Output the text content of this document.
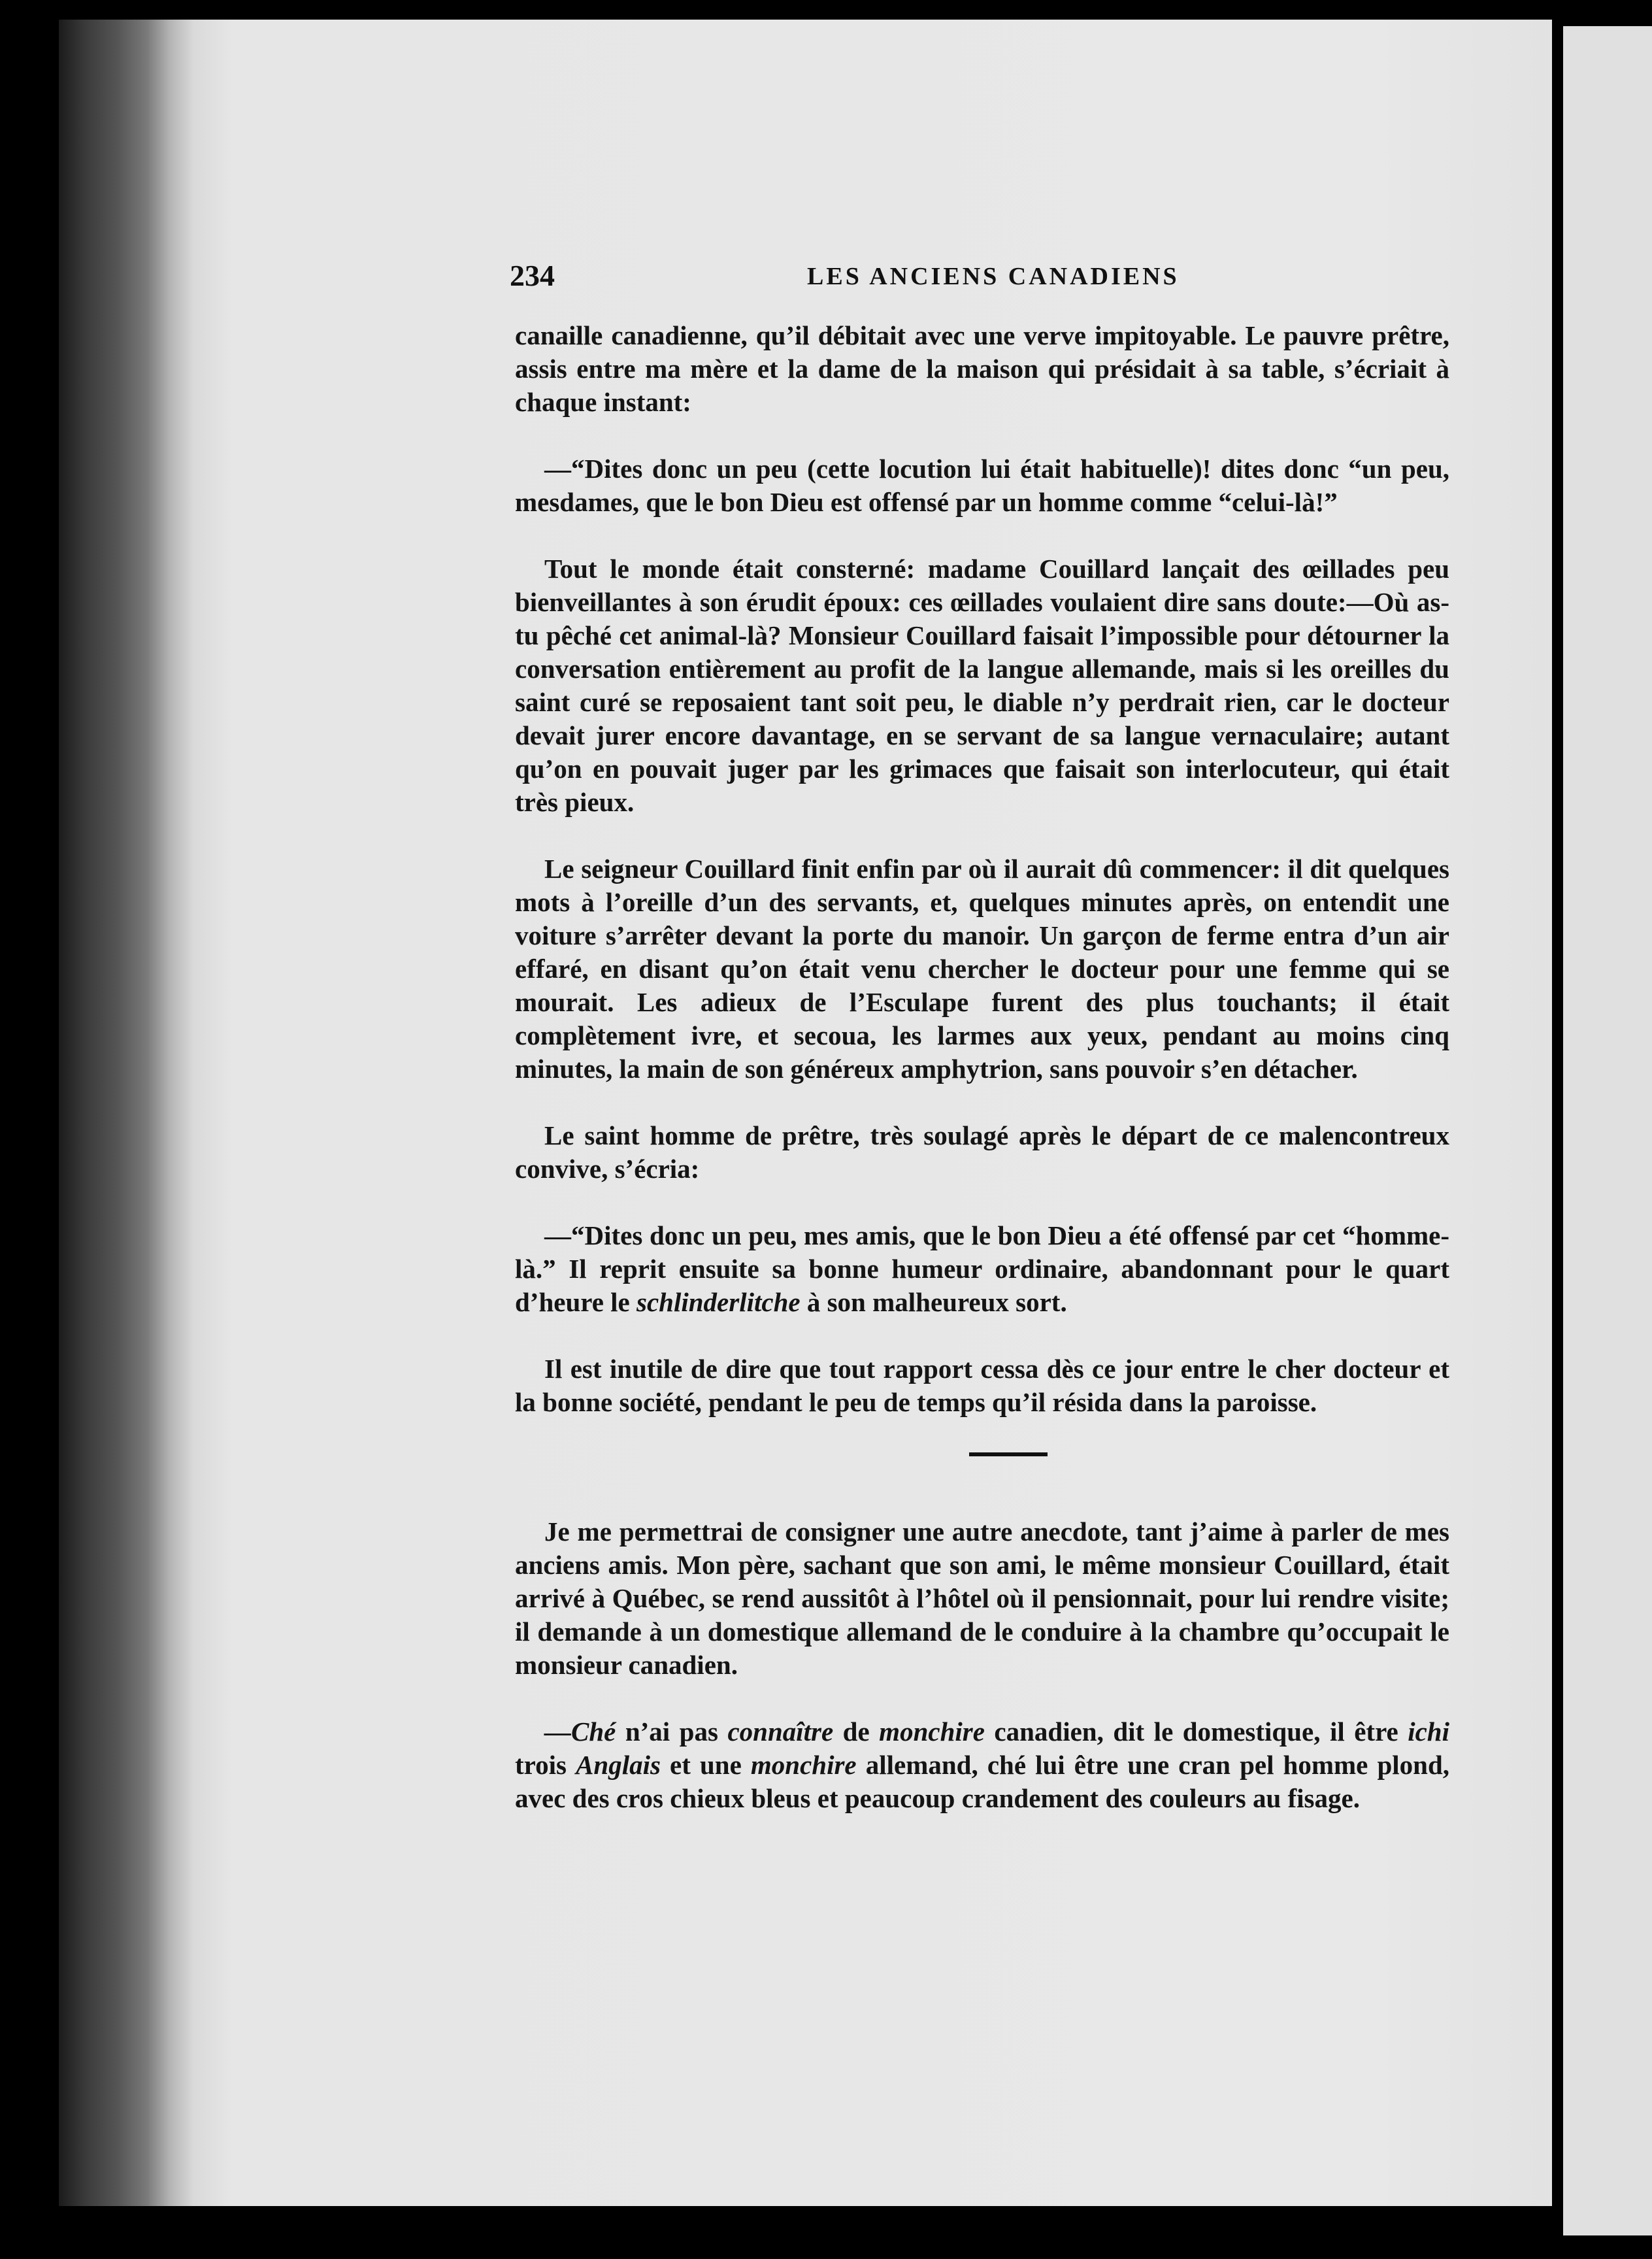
234	LES ANCIENS CANADIENS

canaille canadienne, qu’il débitait avec une verve impitoyable. Le pauvre prêtre, assis entre ma mère et la dame de la maison qui présidait à sa table, s’écriait à chaque instant:

—“Dites donc un peu (cette locution lui était habituelle)! dites donc “un peu, mesdames, que le bon Dieu est offensé par un homme comme “celui-là!”

Tout le monde était consterné: madame Couillard lançait des œillades peu bienveillantes à son érudit époux: ces œillades voulaient dire sans doute:—Où as-tu pêché cet animal-là? Monsieur Couillard faisait l’impossible pour détourner la conversation entièrement au profit de la langue allemande, mais si les oreilles du saint curé se reposaient tant soit peu, le diable n’y perdrait rien, car le docteur devait jurer encore davantage, en se servant de sa langue vernaculaire; autant qu’on en pouvait juger par les grimaces que faisait son interlocuteur, qui était très pieux.

Le seigneur Couillard finit enfin par où il aurait dû commencer: il dit quelques mots à l’oreille d’un des servants, et, quelques minutes après, on entendit une voiture s’arrêter devant la porte du manoir. Un garçon de ferme entra d’un air effaré, en disant qu’on était venu chercher le docteur pour une femme qui se mourait. Les adieux de l’Esculape furent des plus touchants; il était complètement ivre, et secoua, les larmes aux yeux, pendant au moins cinq minutes, la main de son généreux amphytrion, sans pouvoir s’en détacher.

Le saint homme de prêtre, très soulagé après le départ de ce malencontreux convive, s’écria:

—“Dites donc un peu, mes amis, que le bon Dieu a été offensé par cet “homme-là.” Il reprit ensuite sa bonne humeur ordinaire, abandonnant pour le quart d’heure le schlinderlitche à son malheureux sort.

Il est inutile de dire que tout rapport cessa dès ce jour entre le cher docteur et la bonne société, pendant le peu de temps qu’il résida dans la paroisse.

Je me permettrai de consigner une autre anecdote, tant j’aime à parler de mes anciens amis. Mon père, sachant que son ami, le même monsieur Couillard, était arrivé à Québec, se rend aussitôt à l’hôtel où il pensionnait, pour lui rendre visite; il demande à un domestique allemand de le conduire à la chambre qu’occupait le monsieur canadien.

—Ché n’ai pas connaître de monchire canadien, dit le domestique, il être ichi trois Anglais et une monchire allemand, ché lui être une cran pel homme plond, avec des cros chieux bleus et peaucoup crandement des couleurs au fisage.
